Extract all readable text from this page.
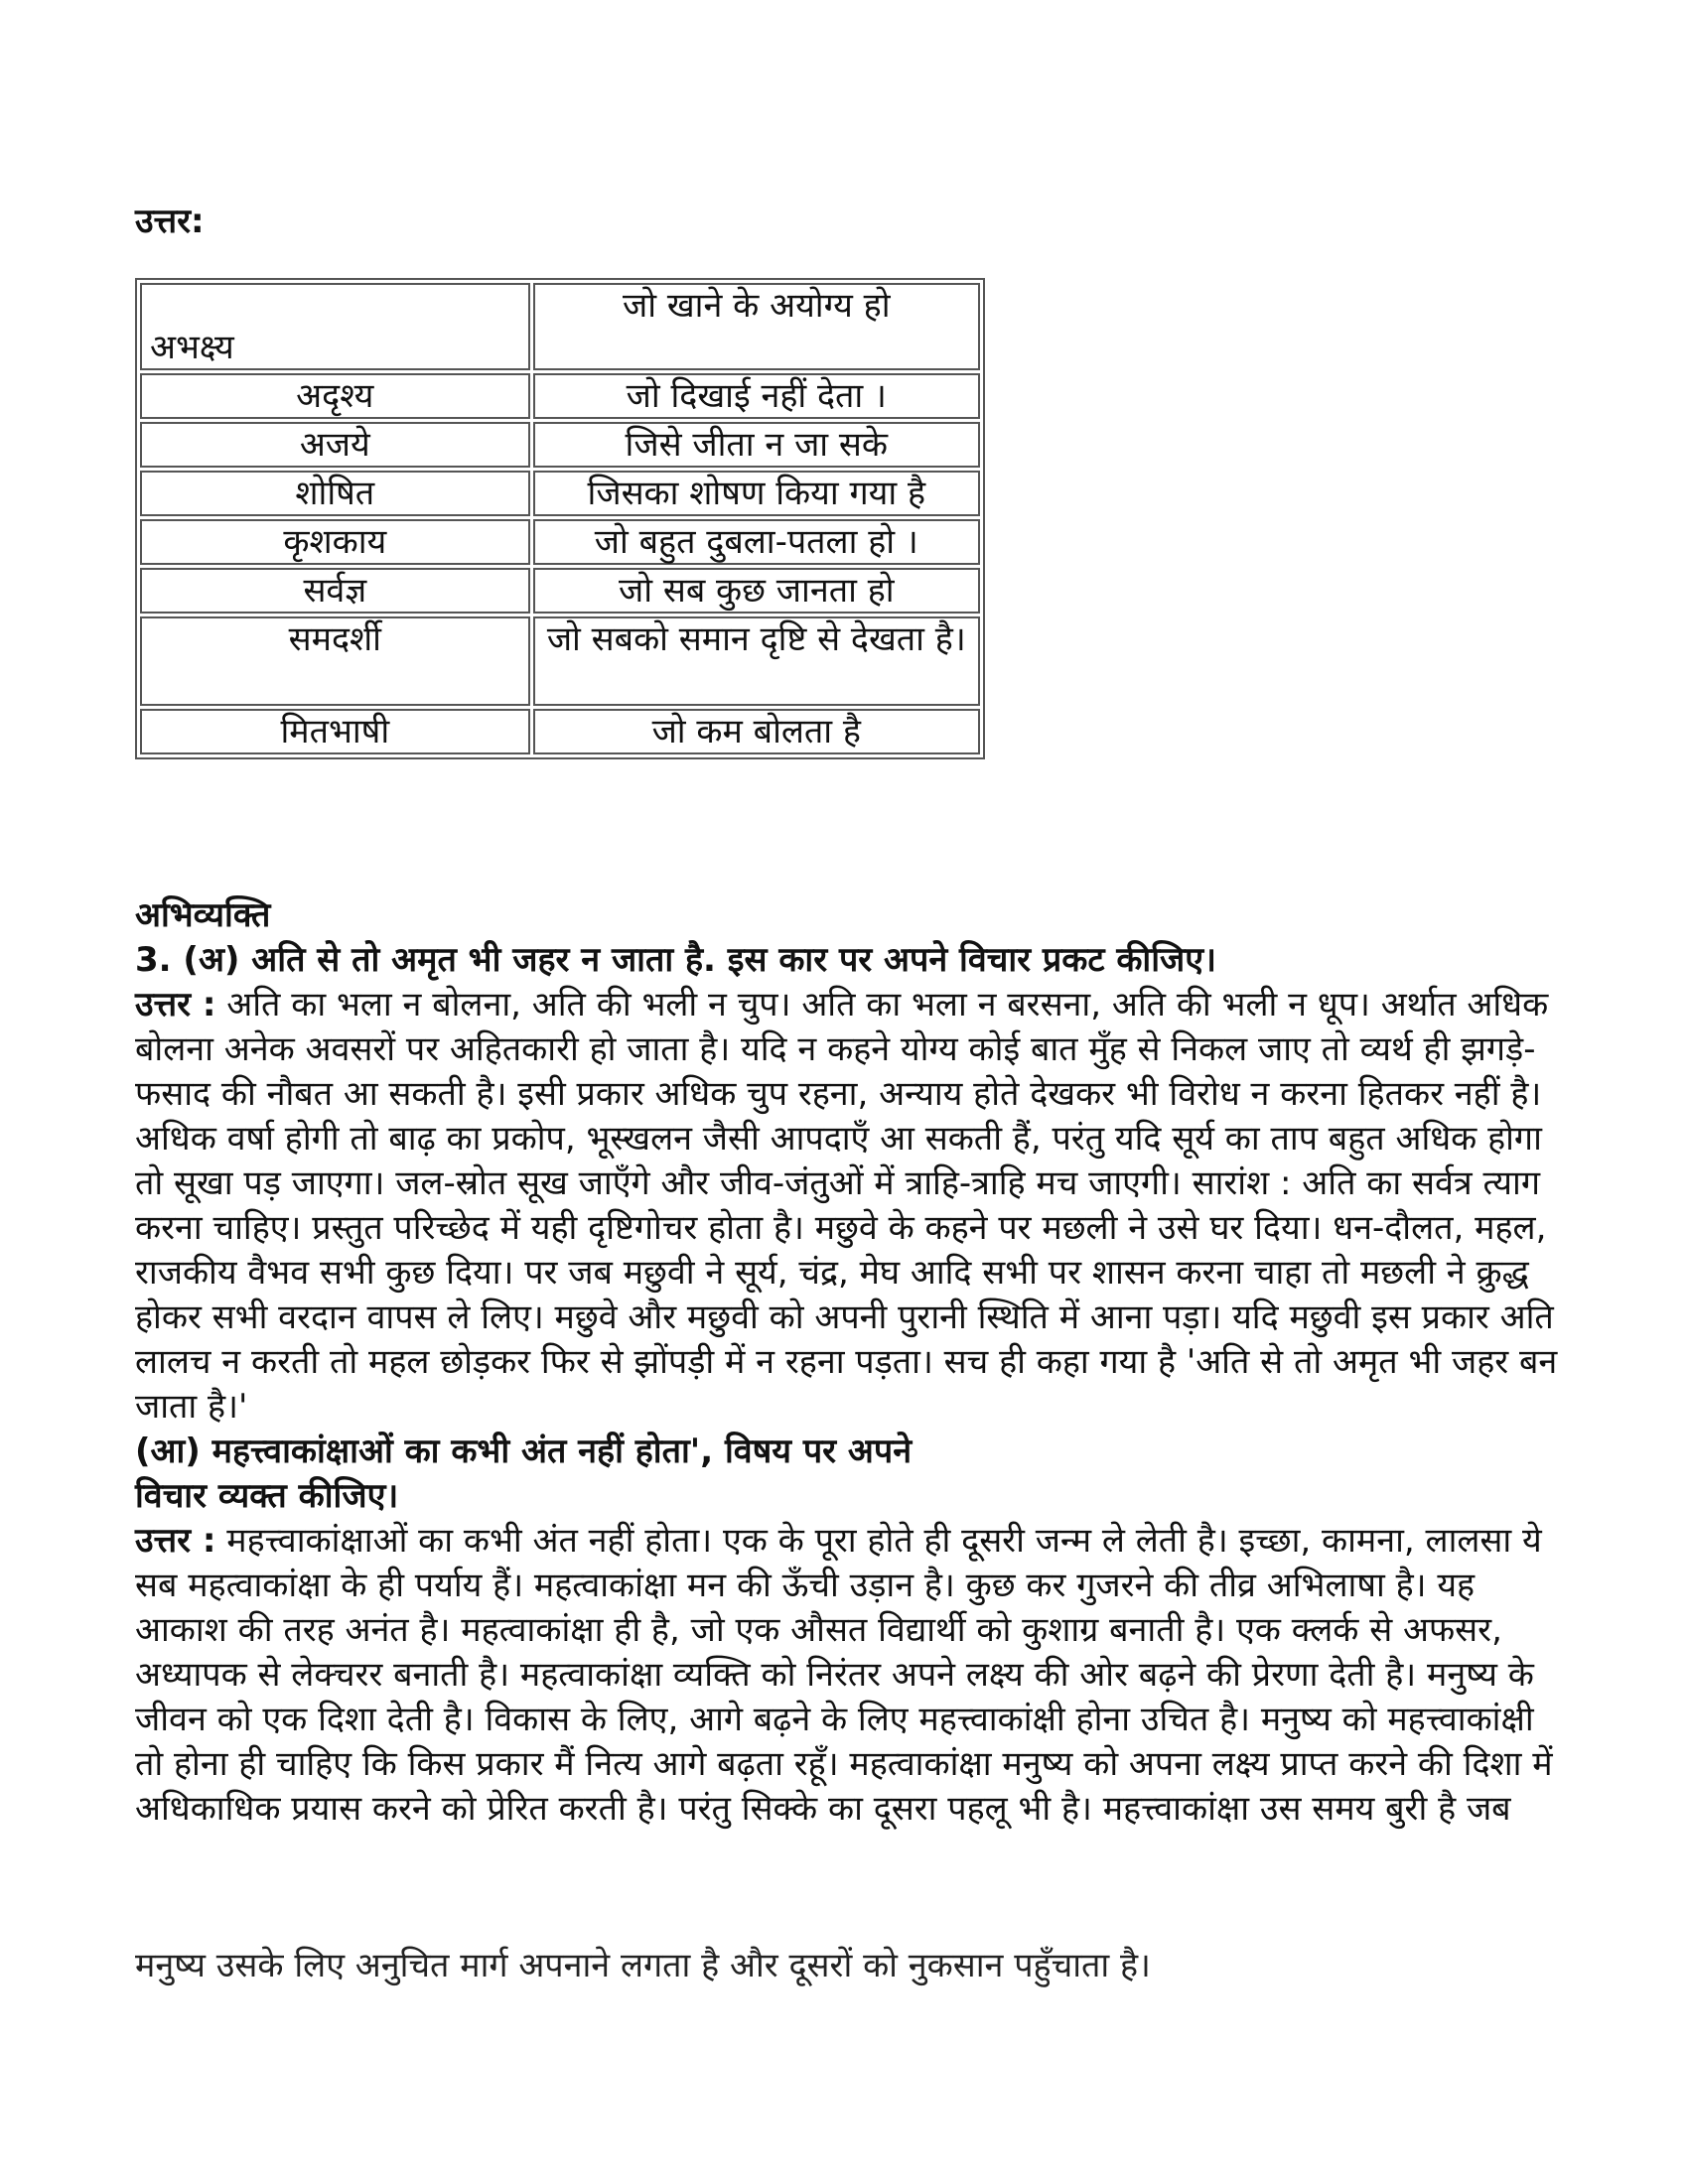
उत्तर:

अभक्ष्य	जो खाने के अयोग्य हो
अदृश्य	जो दिखाई नहीं देता ।
अजये	जिसे जीता न जा सके
शोषित	जिसका शोषण किया गया है
कृशकाय	जो बहुत दुबला-पतला हो ।
सर्वज्ञ	जो सब कुछ जानता हो
समदर्शी	जो सबको समान दृष्टि से देखता है।
मितभाषी	जो कम बोलता है

अभिव्यक्ति

3. (अ) अति से तो अमृत भी जहर न जाता है. इस कार पर अपने विचार प्रकट कीजिए।

उत्तर : अति का भला न बोलना, अति की भली न चुप। अति का भला न बरसना, अति की भली न धूप। अर्थात अधिक बोलना अनेक अवसरों पर अहितकारी हो जाता है। यदि न कहने योग्य कोई बात मुँह से निकल जाए तो व्यर्थ ही झगड़े-फसाद की नौबत आ सकती है। इसी प्रकार अधिक चुप रहना, अन्याय होते देखकर भी विरोध न करना हितकर नहीं है। अधिक वर्षा होगी तो बाढ़ का प्रकोप, भूस्खलन जैसी आपदाएँ आ सकती हैं, परंतु यदि सूर्य का ताप बहुत अधिक होगा तो सूखा पड़ जाएगा। जल-स्रोत सूख जाएँगे और जीव-जंतुओं में त्राहि-त्राहि मच जाएगी। सारांश : अति का सर्वत्र त्याग करना चाहिए। प्रस्तुत परिच्छेद में यही दृष्टिगोचर होता है। मछुवे के कहने पर मछली ने उसे घर दिया। धन-दौलत, महल, राजकीय वैभव सभी कुछ दिया। पर जब मछुवी ने सूर्य, चंद्र, मेघ आदि सभी पर शासन करना चाहा तो मछली ने क्रुद्ध होकर सभी वरदान वापस ले लिए। मछुवे और मछुवी को अपनी पुरानी स्थिति में आना पड़ा। यदि मछुवी इस प्रकार अति लालच न करती तो महल छोड़कर फिर से झोंपड़ी में न रहना पड़ता। सच ही कहा गया है 'अति से तो अमृत भी जहर बन जाता है।'

(आ) महत्त्वाकांक्षाओं का कभी अंत नहीं होता', विषय पर अपने

विचार व्यक्त कीजिए।

उत्तर : महत्त्वाकांक्षाओं का कभी अंत नहीं होता। एक के पूरा होते ही दूसरी जन्म ले लेती है। इच्छा, कामना, लालसा ये सब महत्वाकांक्षा के ही पर्याय हैं। महत्वाकांक्षा मन की ऊँची उड़ान है। कुछ कर गुजरने की तीव्र अभिलाषा है। यह आकाश की तरह अनंत है। महत्वाकांक्षा ही है, जो एक औसत विद्यार्थी को कुशाग्र बनाती है। एक क्लर्क से अफसर, अध्यापक से लेक्चरर बनाती है। महत्वाकांक्षा व्यक्ति को निरंतर अपने लक्ष्य की ओर बढ़ने की प्रेरणा देती है। मनुष्य के जीवन को एक दिशा देती है। विकास के लिए, आगे बढ़ने के लिए महत्त्वाकांक्षी होना उचित है। मनुष्य को महत्त्वाकांक्षी तो होना ही चाहिए कि किस प्रकार मैं नित्य आगे बढ़ता रहूँ। महत्वाकांक्षा मनुष्य को अपना लक्ष्य प्राप्त करने की दिशा में अधिकाधिक प्रयास करने को प्रेरित करती है। परंतु सिक्के का दूसरा पहलू भी है। महत्त्वाकांक्षा उस समय बुरी है जब

मनुष्य उसके लिए अनुचित मार्ग अपनाने लगता है और दूसरों को नुकसान पहुँचाता है।
